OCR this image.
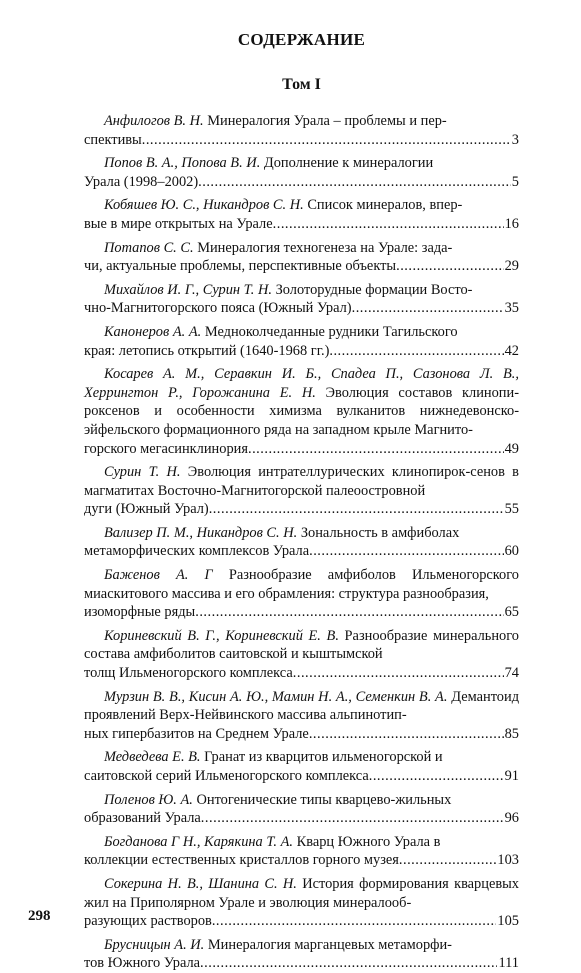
СОДЕРЖАНИЕ
Том I

Анфилогов В. Н. Минералогия Урала – проблемы и пер-

спективы .....	3

Попов В. А., Попова В. И. Дополнение к минералогии

Урала (1998–2002) .....	5

Кобяшев Ю. С., Никандров С. Н. Список минералов, впер-

вые в мире открытых на Урале .....	16

Потапов С. С. Минералогия техногенеза на Урале: зада-

чи, актуальные проблемы, перспективные объекты .....	29

Михайлов И. Г., Сурин Т. Н. Золоторудные формации Восто-

чно-Магнитогорского пояса (Южный Урал) .....	35

Канонеров А. А. Медноколчеданные рудники Тагильского

края: летопись открытий (1640-1968 гг.) .....	42

Косарев А. М., Серавкин И. Б., Спадеа П., Сазонова Л. В., Херрингтон Р., Горожанина Е. Н. Эволюция составов клинопи-роксенов и особенности химизма вулканитов нижнедевонско-эйфельского формационного ряда на западном крыле Магнито-

горского мегасинклинория .....	49

Сурин Т. Н. Эволюция интрателлурических клинопирок-сенов в магматитах Восточно-Магнитогорской палеоостровной

дуги (Южный Урал) .....	55

Вализер П. М., Никандров С. Н. Зональность в амфиболах

метаморфических комплексов Урала .....	60

Баженов А. Г Разнообразие амфиболов Ильменогорского миаскитового массива и его обрамления: структура разнообразия,

изоморфные ряды .....	65

Кориневский В. Г., Кориневский Е. В. Разнообразие минерального состава амфиболитов саитовской и кыштымской

толщ Ильменогорского комплекса .....	74

Мурзин В. В., Кисин А. Ю., Мамин Н. А., Семенкин В. А. Демантоид проявлений Верх-Нейвинского массива альпинотип-

ных гипербазитов на Среднем Урале .....	85

Медведева Е. В. Гранат из кварцитов ильменогорской и

саитовской серий Ильменогорского комплекса .....	91

Поленов Ю. А. Онтогенические типы кварцево-жильных

образований Урала .....	96

Богданова Г Н., Карякина Т. А. Кварц Южного Урала в

коллекции естественных кристаллов горного музея .....	103

Сокерина Н. В., Шанина С. Н. История формирования кварцевых жил на Приполярном Урале и эволюция минералооб-

разующих растворов .....	105

Брусницын А. И. Минералогия марганцевых метаморфи-

тов Южного Урала .....	111

298
